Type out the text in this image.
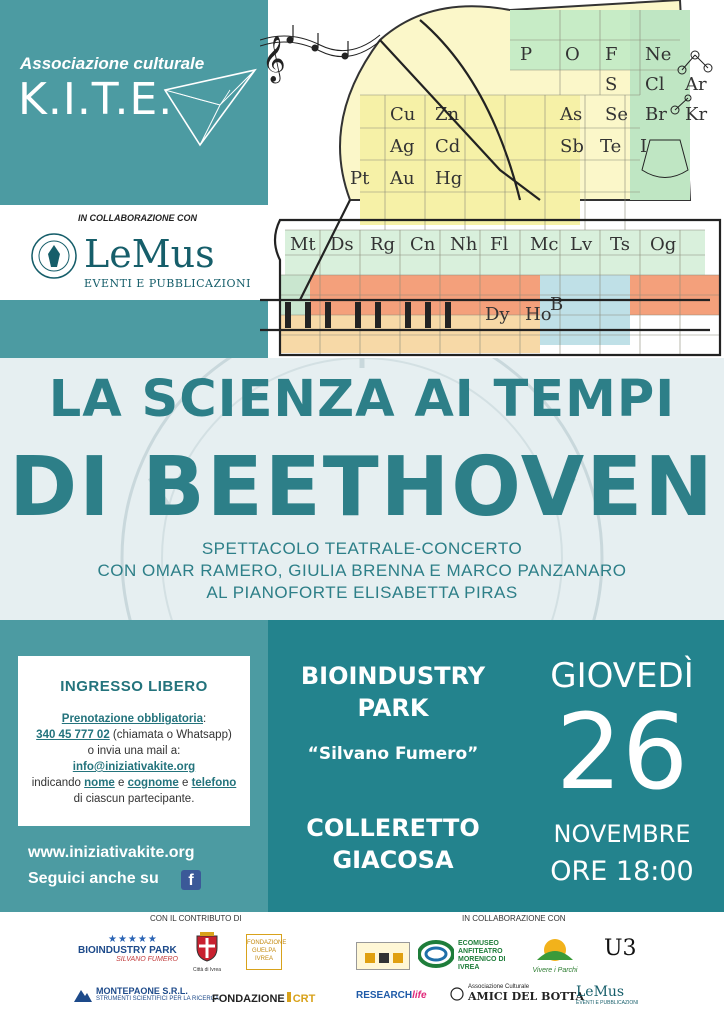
Associazione culturale
K.I.T.E.
IN COLLABORAZIONE CON
LeMus
EVENTI E PUBBLICAZIONI
Cu Zn
Ag Cd
Au Hg
Pt
Mt Ds Rg Cn Nh Fl Mc Lv Ts Og
Se Br Kr
S Cl Ar
O F Ne
P
As
Sb Te I
B
Dy Ho
𝄞
LA SCIENZA AI TEMPI
DI BEETHOVEN
SPETTACOLO TEATRALE-CONCERTO
CON OMAR RAMERO, GIULIA BRENNA E MARCO PANZANARO
AL PIANOFORTE ELISABETTA PIRAS
INGRESSO LIBERO
Prenotazione obbligatoria:
340 45 777 02 (chiamata o Whatsapp)
o invia una mail a:
info@iniziativakite.org
indicando nome e cognome e telefono
di ciascun partecipante.
www.iniziativakite.org
Seguici anche su	f
BIOINDUSTRY
PARK
“Silvano Fumero”
COLLERETTO
GIACOSA
GIOVEDÌ
26
NOVEMBRE
ORE 18:00
CON IL CONTRIBUTO DI	IN COLLABORAZIONE CON
★★★★★
BIOINDUSTRY PARK
SILVANO FUMERO
Città di Ivrea
FONDAZIONE GUELPA IVREA
MONTEPAONE S.R.L.
STRUMENTI SCIENTIFICI PER LA RICERCA
FONDAZIONE CRT
ECOMUSEO ANFITEATRO MORENICO DI IVREA	Vivere i Parchi
U3
RESEARCHlife
Associazione Culturale
AMICI DEL BOTTA
LeMus
EVENTI E PUBBLICAZIONI
